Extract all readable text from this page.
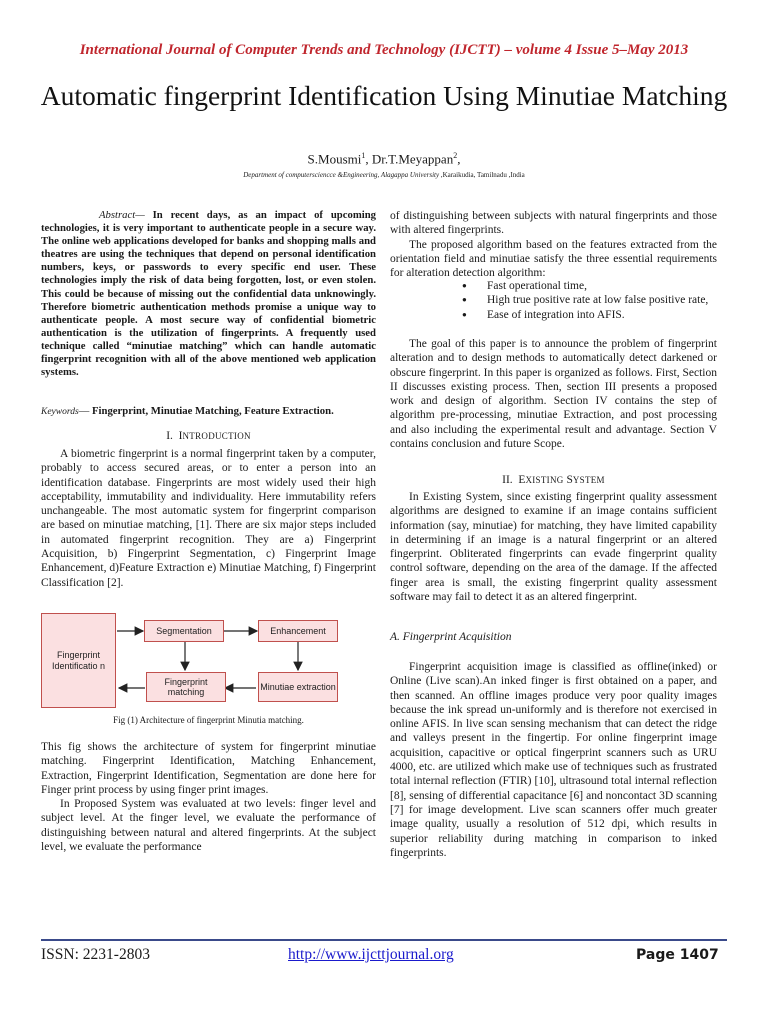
International Journal of Computer Trends and Technology (IJCTT) – volume 4 Issue 5–May 2013
Automatic fingerprint Identification Using Minutiae Matching
S.Mousmi$^1$, Dr.T.Meyappan$^2$,
Department of computersciencce &Engineering, Alagappa University ,Karaikudia, Tamilnadu ,India

Abstract— In recent days, as an impact of upcoming technologies, it is very important to authenticate people in a secure way. The online web applications developed for banks and shopping malls and theatres are using the techniques that depend on personal identification numbers, keys, or passwords to every specific end user. These technologies imply the risk of data being forgotten, lost, or even stolen. This could be because of missing out the confidential data unknowingly. Therefore biometric authentication methods promise a unique way to authenticate people. A most secure way of confidential biometric authentication is the utilization of fingerprints. A frequently used technique called “minutiae matching” which can handle automatic fingerprint recognition with all of the above mentioned web application systems.

Keywords— Fingerprint, Minutiae Matching, Feature Extraction.

I. INTRODUCTION

A biometric fingerprint is a normal fingerprint taken by a computer, probably to access secured areas, or to enter a person into an identification database. Fingerprints are most widely used their high acceptability, immutability and individuality. Here immutability refers unchangeable. The most automatic system for fingerprint comparison are based on minutiae matching, [1]. There are six major steps included in automated fingerprint recognition. They are a) Fingerprint Acquisition, b) Fingerprint Segmentation, c) Fingerprint Image Enhancement, d)Feature Extraction e) Minutiae Matching, f) Fingerprint Classification [2].

Fingerprint Identificatio n
Segmentation	Enhancement
Fingerprint matching
Minutiae extraction
Fig (1) Architecture of fingerprint Minutia matching.

This fig shows the architecture of system for fingerprint minutiae matching. Fingerprint Identification, Matching Enhancement, Extraction, Fingerprint Identification, Segmentation are done here for Finger print process by using finger print images.

In Proposed System was evaluated at two levels: finger level and subject level. At the finger level, we evaluate the performance of distinguishing between natural and altered fingerprints. At the subject level, we evaluate the performance

of distinguishing between subjects with natural fingerprints and those with altered fingerprints.

The proposed algorithm based on the features extracted from the orientation field and minutiae satisfy the three essential requirements for alteration detection algorithm:

● Fast operational time,
● High true positive rate at low false positive rate,
● Ease of integration into AFIS.

The goal of this paper is to announce the problem of fingerprint alteration and to design methods to automatically detect darkened or obscure fingerprint. In this paper is organized as follows. First, Section II discusses existing process. Then, section III presents a proposed work and design of algorithm. Section IV contains the step of algorithm pre-processing, minutiae Extraction, and post processing and also including the experimental result and advantage. Section V contains conclusion and future Scope.

II. EXISTING SYSTEM

In Existing System, since existing fingerprint quality assessment algorithms are designed to examine if an image contains sufficient information (say, minutiae) for matching, they have limited capability in determining if an image is a natural fingerprint or an altered fingerprint. Obliterated fingerprints can evade fingerprint quality control software, depending on the area of the damage. If the affected finger area is small, the existing fingerprint quality assessment software may fail to detect it as an altered fingerprint.

A. Fingerprint Acquisition

Fingerprint acquisition image is classified as offline(inked) or Online (Live scan).An inked finger is first obtained on a paper, and then scanned. An offline images produce very poor quality images because the ink spread un-uniformly and is therefore not exercised in online AFIS. In live scan sensing mechanism that can detect the ridge and valleys present in the fingertip. For online fingerprint image acquisition, capacitive or optical fingerprint scanners such as URU 4000, etc. are utilized which make use of techniques such as frustrated total internal reflection (FTIR) [10], ultrasound total internal reflection [8], sensing of differential capacitance [6] and noncontact 3D scanning [7] for image development. Live scan scanners offer much greater image quality, usually a resolution of 512 dpi, which results in superior reliability during matching in comparison to inked fingerprints.

ISSN: 2231-2803	http://www.ijcttjournal.org	Page 1407
